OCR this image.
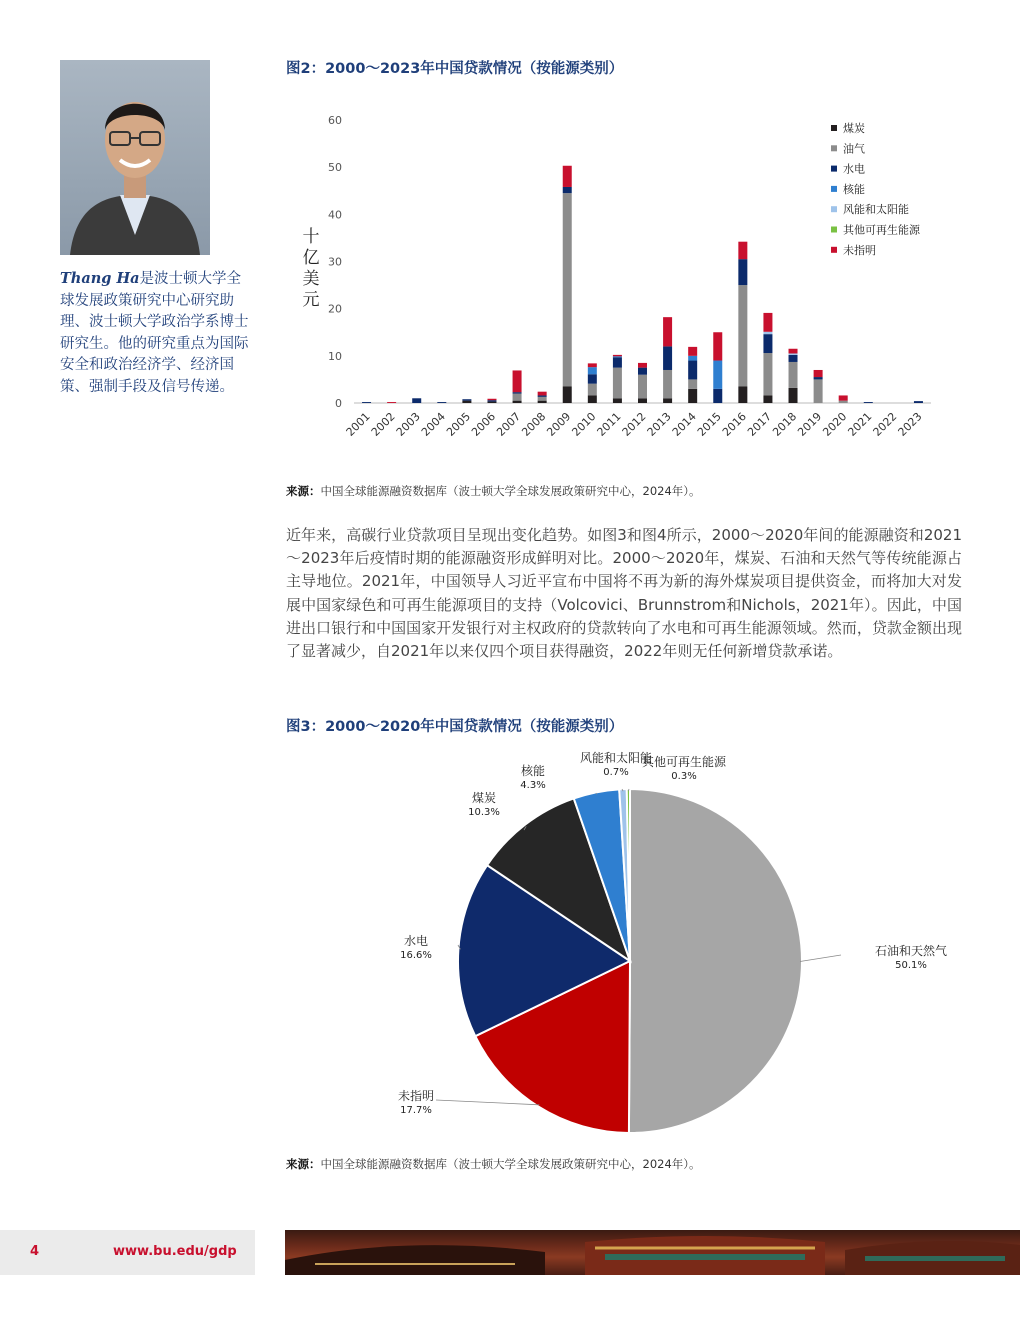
Thang Ha是波士顿大学全球发展政策研究中心研究助理、波士顿大学政治学系博士研究生。他的研究重点为国际安全和政治经济学、经济国策、强制手段及信号传递。
图2：2000～2023年中国贷款情况（按能源类别）
0
10
20
30
40
50
60
十亿美元
2001
2002
2003
2004
2005
2006
2007
2008
2009
2010
2011
2012
2013
2014
2015
2016
2017
2018
2019
2020
2021
2022
2023
煤炭
油气
水电
核能
风能和太阳能
其他可再生能源
未指明
来源：中国全球能源融资数据库（波士顿大学全球发展政策研究中心，2024年）。
近年来，高碳行业贷款项目呈现出变化趋势。如图3和图4所示，2000～2020年间的能源融资和2021～2023年后疫情时期的能源融资形成鲜明对比。2000～2020年，煤炭、石油和天然气等传统能源占主导地位。2021年，中国领导人习近平宣布中国将不再为新的海外煤炭项目提供资金，而将加大对发展中国家绿色和可再生能源项目的支持（Volcovici、Brunnstrom和Nichols，2021年）。因此，中国进出口银行和中国国家开发银行对主权政府的贷款转向了水电和可再生能源领域。然而，贷款金额出现了显著减少，自2021年以来仅四个项目获得融资，2022年则无任何新增贷款承诺。
图3：2000～2020年中国贷款情况（按能源类别）
石油和天然气 50.1%
未指明 17.7%
水电 16.6%
煤炭 10.3%
核能 4.3%
风能和太阳能 0.7%
其他可再生能源 0.3%
来源：中国全球能源融资数据库（波士顿大学全球发展政策研究中心，2024年）。
4	www.bu.edu/gdp
